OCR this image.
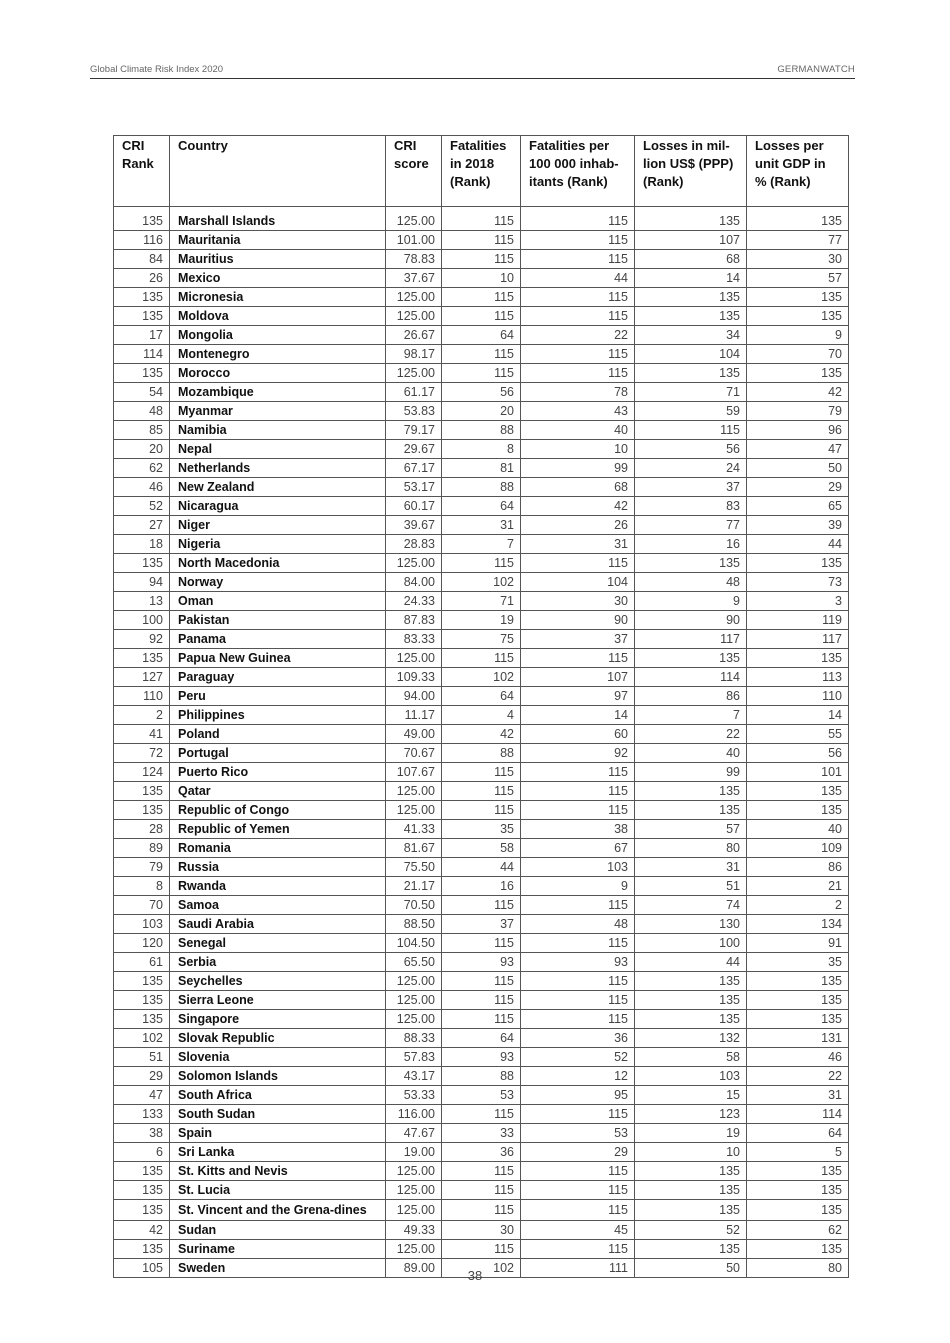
Global Climate Risk Index 2020	GERMANWATCH
CRI Rank	Country	CRI score	Fatalities in 2018 (Rank)	Fatalities per 100 000 inhab-itants (Rank)	Losses in mil-lion US$ (PPP) (Rank)	Losses per unit GDP in % (Rank)
135	Marshall Islands	125.00	115	115	135	135
116	Mauritania	101.00	115	115	107	77
84	Mauritius	78.83	115	115	68	30
26	Mexico	37.67	10	44	14	57
135	Micronesia	125.00	115	115	135	135
135	Moldova	125.00	115	115	135	135
17	Mongolia	26.67	64	22	34	9
114	Montenegro	98.17	115	115	104	70
135	Morocco	125.00	115	115	135	135
54	Mozambique	61.17	56	78	71	42
48	Myanmar	53.83	20	43	59	79
85	Namibia	79.17	88	40	115	96
20	Nepal	29.67	8	10	56	47
62	Netherlands	67.17	81	99	24	50
46	New Zealand	53.17	88	68	37	29
52	Nicaragua	60.17	64	42	83	65
27	Niger	39.67	31	26	77	39
18	Nigeria	28.83	7	31	16	44
135	North Macedonia	125.00	115	115	135	135
94	Norway	84.00	102	104	48	73
13	Oman	24.33	71	30	9	3
100	Pakistan	87.83	19	90	90	119
92	Panama	83.33	75	37	117	117
135	Papua New Guinea	125.00	115	115	135	135
127	Paraguay	109.33	102	107	114	113
110	Peru	94.00	64	97	86	110
2	Philippines	11.17	4	14	7	14
41	Poland	49.00	42	60	22	55
72	Portugal	70.67	88	92	40	56
124	Puerto Rico	107.67	115	115	99	101
135	Qatar	125.00	115	115	135	135
135	Republic of Congo	125.00	115	115	135	135
28	Republic of Yemen	41.33	35	38	57	40
89	Romania	81.67	58	67	80	109
79	Russia	75.50	44	103	31	86
8	Rwanda	21.17	16	9	51	21
70	Samoa	70.50	115	115	74	2
103	Saudi Arabia	88.50	37	48	130	134
120	Senegal	104.50	115	115	100	91
61	Serbia	65.50	93	93	44	35
135	Seychelles	125.00	115	115	135	135
135	Sierra Leone	125.00	115	115	135	135
135	Singapore	125.00	115	115	135	135
102	Slovak Republic	88.33	64	36	132	131
51	Slovenia	57.83	93	52	58	46
29	Solomon Islands	43.17	88	12	103	22
47	South Africa	53.33	53	95	15	31
133	South Sudan	116.00	115	115	123	114
38	Spain	47.67	33	53	19	64
6	Sri Lanka	19.00	36	29	10	5
135	St. Kitts and Nevis	125.00	115	115	135	135
135	St. Lucia	125.00	115	115	135	135
135	St. Vincent and the Grena-dines	125.00	115	115	135	135
42	Sudan	49.33	30	45	52	62
135	Suriname	125.00	115	115	135	135
105	Sweden	89.00	102	111	50	80
38
